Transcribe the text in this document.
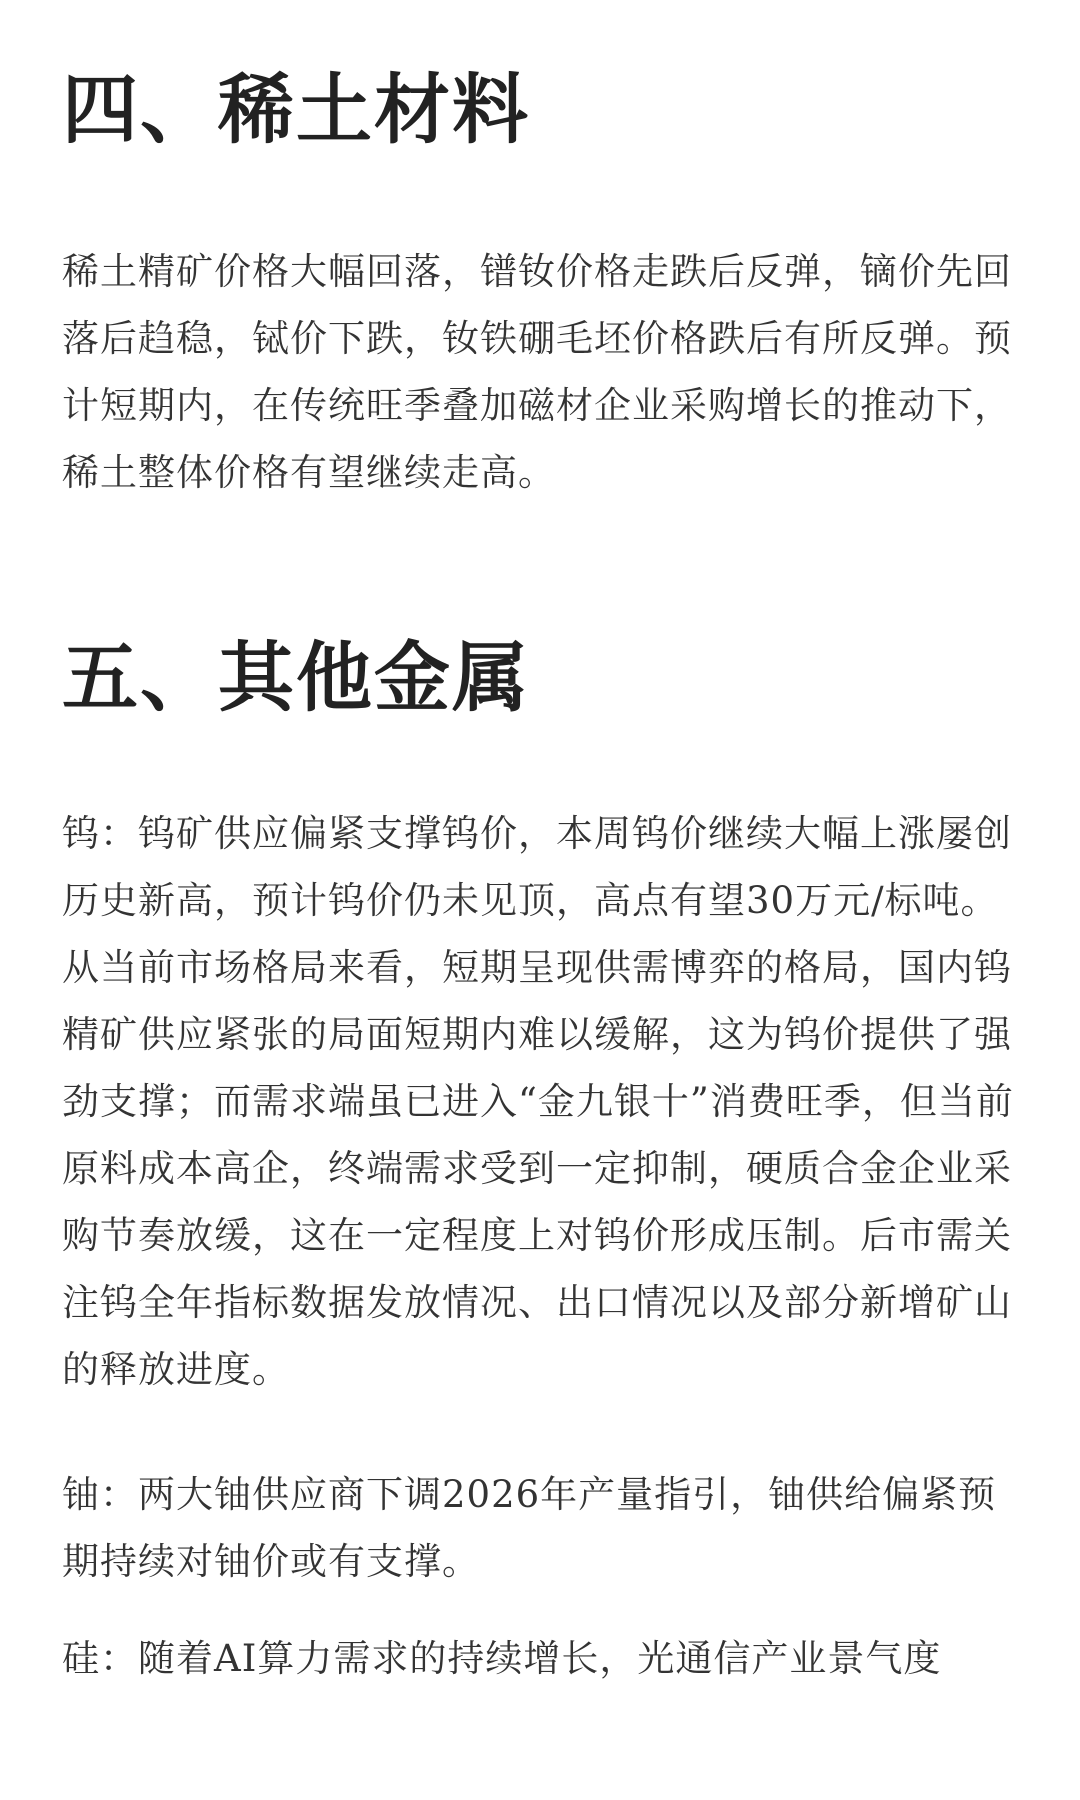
四、稀土材料

稀土精矿价格大幅回落，镨钕价格走跌后反弹，镝价先回落后趋稳，铽价下跌，钕铁硼毛坯价格跌后有所反弹。预计短期内，在传统旺季叠加磁材企业采购增长的推动下，稀土整体价格有望继续走高。

五、其他金属

钨：钨矿供应偏紧支撑钨价，本周钨价继续大幅上涨屡创历史新高，预计钨价仍未见顶，高点有望30万元/标吨。从当前市场格局来看，短期呈现供需博弈的格局，国内钨精矿供应紧张的局面短期内难以缓解，这为钨价提供了强劲支撑；而需求端虽已进入“金九银十”消费旺季，但当前原料成本高企，终端需求受到一定抑制，硬质合金企业采购节奏放缓，这在一定程度上对钨价形成压制。后市需关注钨全年指标数据发放情况、出口情况以及部分新增矿山的释放进度。

铀：两大铀供应商下调2026年产量指引，铀供给偏紧预期持续对铀价或有支撑。

硅：随着AI算力需求的持续增长，光通信产业景气度
